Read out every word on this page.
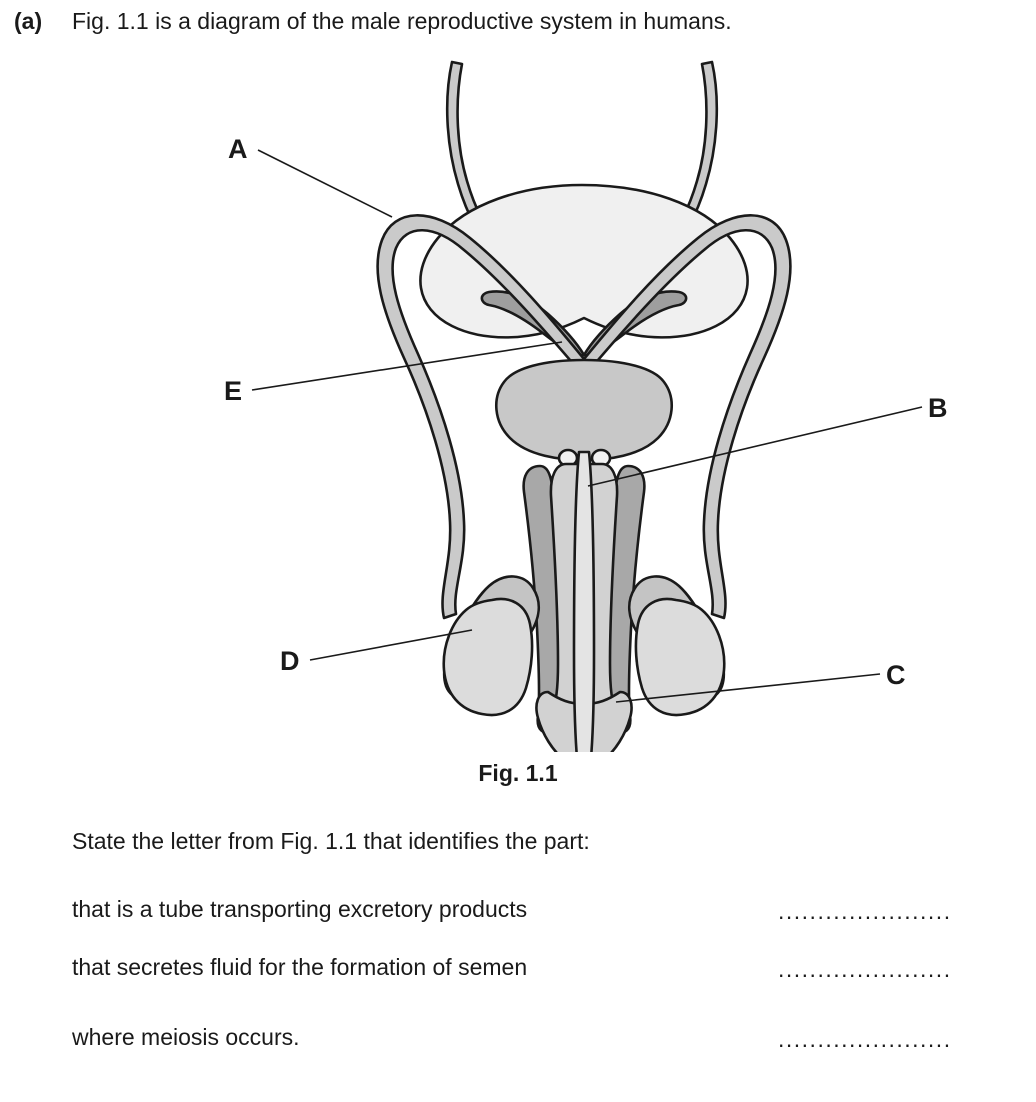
(a) Fig. 1.1 is a diagram of the male reproductive system in humans.
A
E
B
C
D
Fig. 1.1
State the letter from Fig. 1.1 that identifies the part:
that is a tube transporting excretory products	......................
that secretes fluid for the formation of semen	......................
where meiosis occurs.	......................
